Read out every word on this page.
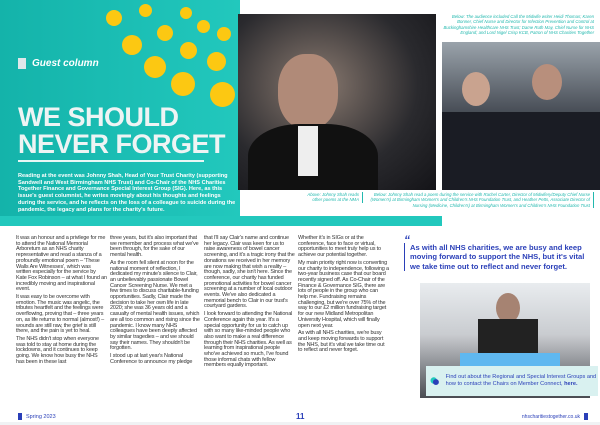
Guest column
WE SHOULD
NEVER FORGET
Reading at the event was Johnny Shah, Head of Your Trust Charity (supporting Sandwell and West Birmingham NHS Trust) and Co-Chair of the NHS Charities Together Finance and Governance Special Interest Group (SIG). Here, as this issue's guest columnist, he writes movingly about his thoughts and feelings during the service, and he reflects on the loss of a colleague to suicide during the pandemic, the legacy and plans for the charity's future.
Below: The audience included Call the Midwife writer Heidi Thomas; Karen Bonner, Chief Nurse and Director for Infection Prevention and Control at Buckinghamshire Healthcare NHS Trust; Dame Ruth May, Chief Nurse for NHS England; and Lord Nigel Crisp KCB, Patron of NHS Charities Together
Above: Johnny Shah reads other poems at the NMA
Below: Johnny Shah read a poem during the service with Rachel Carter, Director of Midwifery/Deputy Chief Nurse (Women's) at Birmingham Women's and Children's NHS Foundation Trust, and Heather Petts, Associate Director of Nursing (Medicine, Children's) at Birmingham Women's and Children's NHS Foundation Trust

It was an honour and a privilege for me to attend the National Memorial Arboretum as an NHS charity representative and read a stanza of a profoundly emotional poem – 'These Walls Are Witnesses', which was written especially for the service by Kate Fox Robinson – at what I found an incredibly moving and inspirational event.

It was easy to be overcome with emotion. The music was angelic, the tributes heartfelt and the feelings were overflowing, proving that – three years on, as life returns to normal (almost!) – wounds are still raw, the grief is still there, and the pain is yet to heal.

The NHS didn't stop when everyone was told to stay at home during the lockdowns, and it continues to keep going. We know how busy the NHS has been in these last

three years, but it's also important that we remember and process what we've been through, for the sake of our mental health.

As the room fell silent at noon for the national moment of reflection, I dedicated my minute's silence to Clair, an unbelievably passionate Bowel Cancer Screening Nurse. We met a few times to discuss charitable-funding opportunities. Sadly, Clair made the decision to take her own life in late 2020; she was 36 years old and a casualty of mental health issues, which are all too common and rising since the pandemic. I know many NHS colleagues have been deeply affected by similar tragedies – and we should say their names. They shouldn't be forgotten.

I stood up at last year's National Conference to announce my pledge

that I'll say Clair's name and continue her legacy. Clair was keen for us to raise awareness of bowel cancer screening, and it's a tragic irony that the donations we received in her memory are now making that wish a reality – though, sadly, she isn't here. Since the conference, our charity has funded promotional activities for bowel cancer screening at a number of local outdoor events. We've also dedicated a memorial bench to Clair in our trust's courtyard gardens.

I look forward to attending the National Conference again this year. It's a special opportunity for us to catch up with so many like-minded people who also want to make a real difference through their NHS charities. As well as learning from inspirational people who've achieved so much, I've found those informal chats with fellow members equally important.

Whether it's in SIGs or at the conference, face to face or virtual, opportunities to meet truly help us to achieve our potential together.

My main priority right now is converting our charity to independence, following a two-year business case that our board recently signed off. As Co-Chair of the Finance & Governance SIG, there are lots of people in the group who can help me. Fundraising remains challenging, but we're over 75% of the way to our £2 million fundraising target for our new Midland Metropolitan University Hospital, which will finally open next year.

As with all NHS charities, we're busy and keep moving forwards to support the NHS, but it's vital we take time out to reflect and never forget.

“
As with all NHS charities, we are busy and keep moving forward to support the NHS, but it's vital we take time out to reflect and never forget.
Find out about the Regional and Special Interest Groups and how to contact the Chairs on Member Connect, here.
Spring 2023	11	nhscharitiestogether.co.uk
